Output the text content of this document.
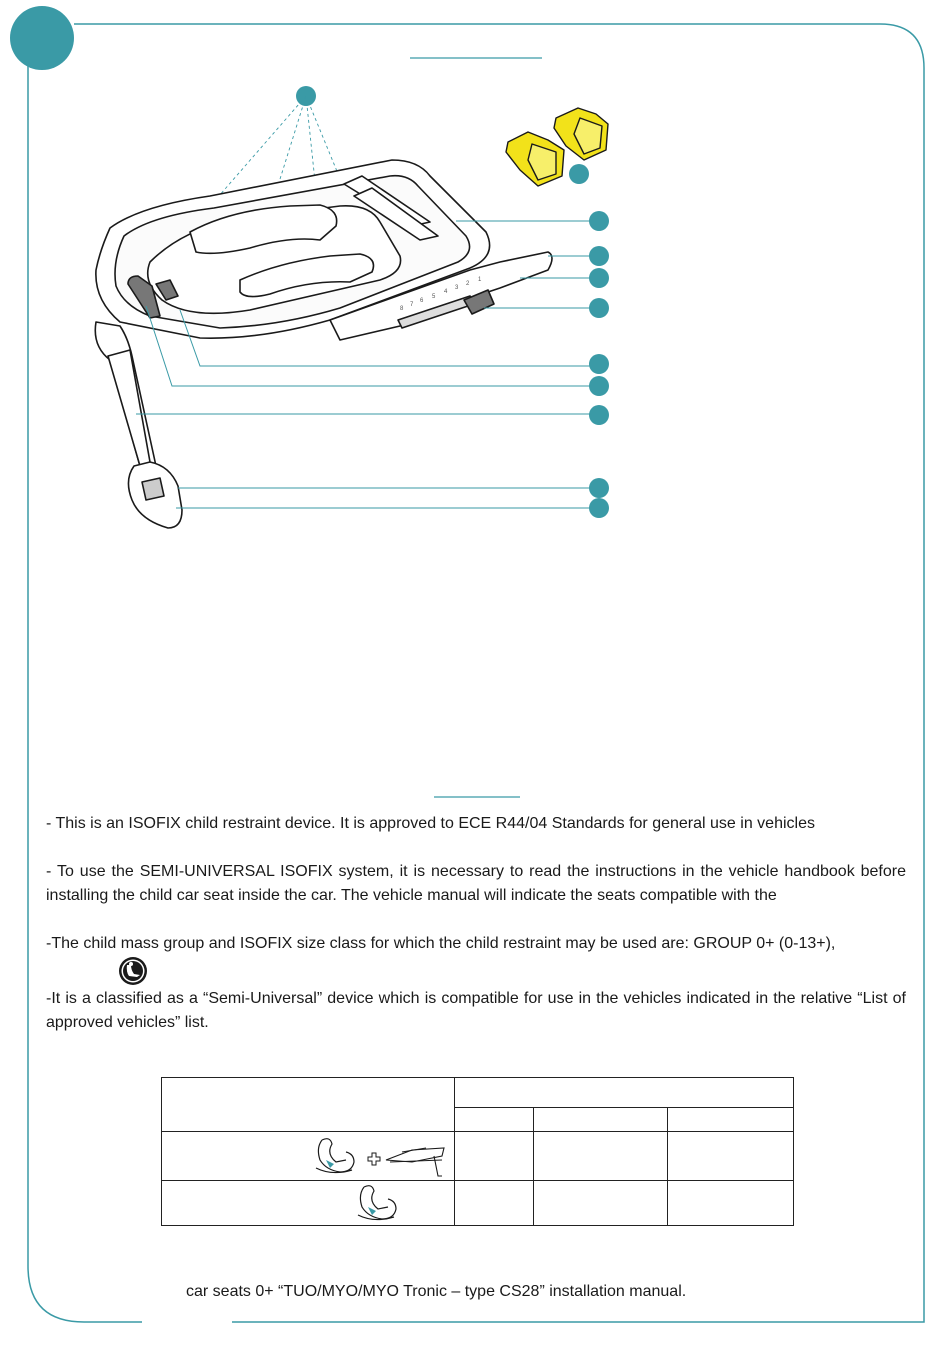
8
7
6
5
4
3
2
1
- This is an ISOFIX child restraint device. It is approved to ECE R44/04 Standards for general use in vehicles
- To use the SEMI-UNIVERSAL ISOFIX system, it is necessary to read the instructions in the vehicle handbook before installing the child car seat inside the car. The vehicle manual will indicate the seats compatible with the
-The child mass group and ISOFIX size class for which the child restraint may be used are: GROUP 0+ (0-13+),
-It is a classified as a “Semi-Universal” device which is compatible for use in the vehicles indicated in the relative “List of approved vehicles” list.

car seats 0+ “TUO/MYO/MYO Tronic – type CS28” installation manual.
